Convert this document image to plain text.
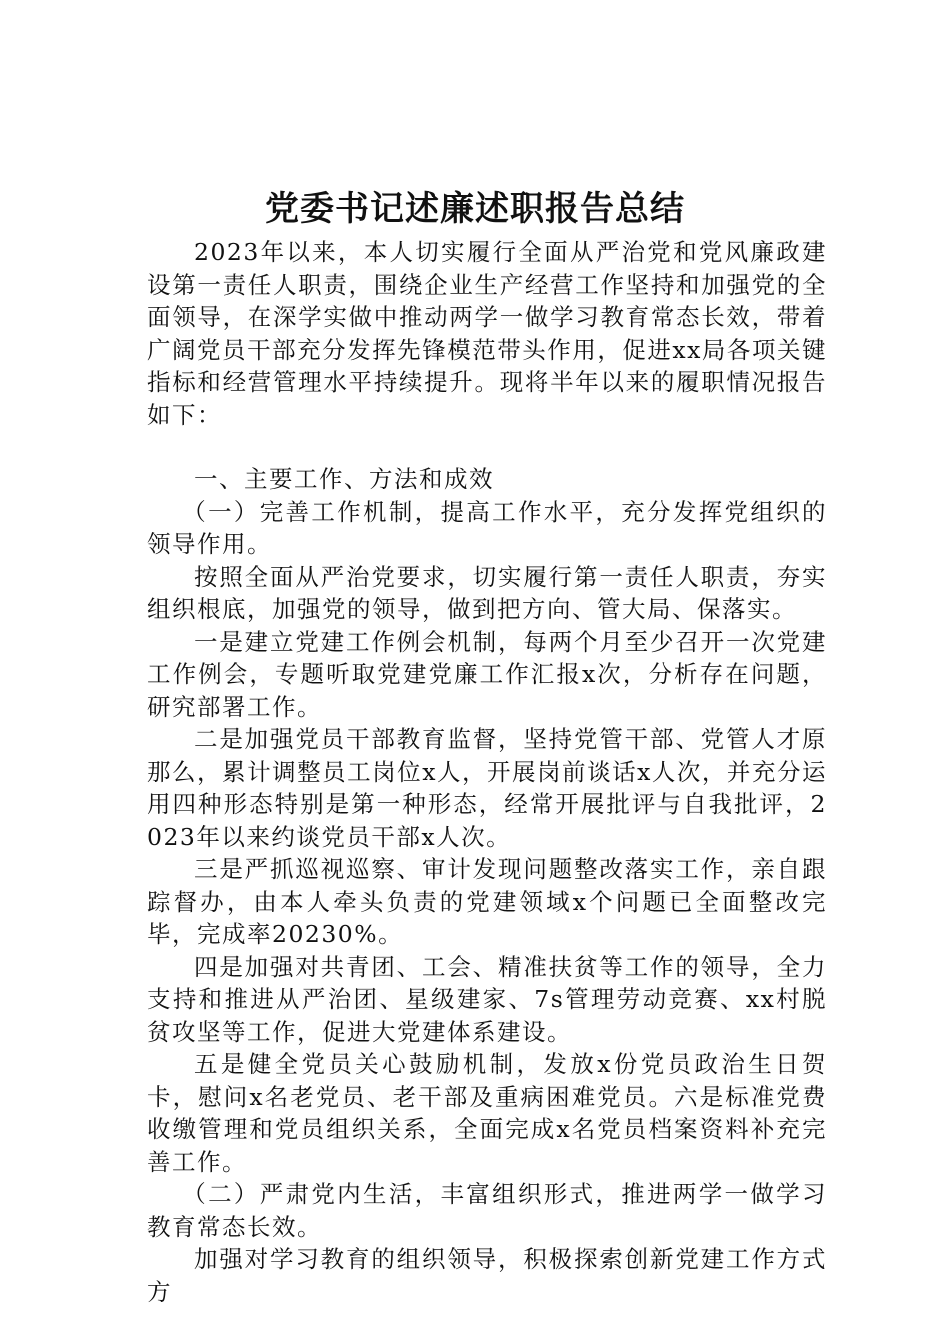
党委书记述廉述职报告总结

2023年以来，本人切实履行全面从严治党和党风廉政建设第一责任人职责，围绕企业生产经营工作坚持和加强党的全面领导，在深学实做中推动两学一做学习教育常态长效，带着广阔党员干部充分发挥先锋模范带头作用，促进xx局各项关键指标和经营管理水平持续提升。现将半年以来的履职情况报告如下：

一、主要工作、方法和成效

（一）完善工作机制，提高工作水平，充分发挥党组织的领导作用。

按照全面从严治党要求，切实履行第一责任人职责，夯实组织根底，加强党的领导，做到把方向、管大局、保落实。

一是建立党建工作例会机制，每两个月至少召开一次党建工作例会，专题听取党建党廉工作汇报x次，分析存在问题，研究部署工作。

二是加强党员干部教育监督，坚持党管干部、党管人才原那么，累计调整员工岗位x人，开展岗前谈话x人次，并充分运用四种形态特别是第一种形态，经常开展批评与自我批评，2023年以来约谈党员干部x人次。

三是严抓巡视巡察、审计发现问题整改落实工作，亲自跟踪督办，由本人牵头负责的党建领域x个问题已全面整改完毕，完成率20230%。

四是加强对共青团、工会、精准扶贫等工作的领导，全力支持和推进从严治团、星级建家、7s管理劳动竞赛、xx村脱贫攻坚等工作，促进大党建体系建设。

五是健全党员关心鼓励机制，发放x份党员政治生日贺卡，慰问x名老党员、老干部及重病困难党员。六是标准党费收缴管理和党员组织关系，全面完成x名党员档案资料补充完善工作。

（二）严肃党内生活，丰富组织形式，推进两学一做学习教育常态长效。

加强对学习教育的组织领导，积极探索创新党建工作方式方
